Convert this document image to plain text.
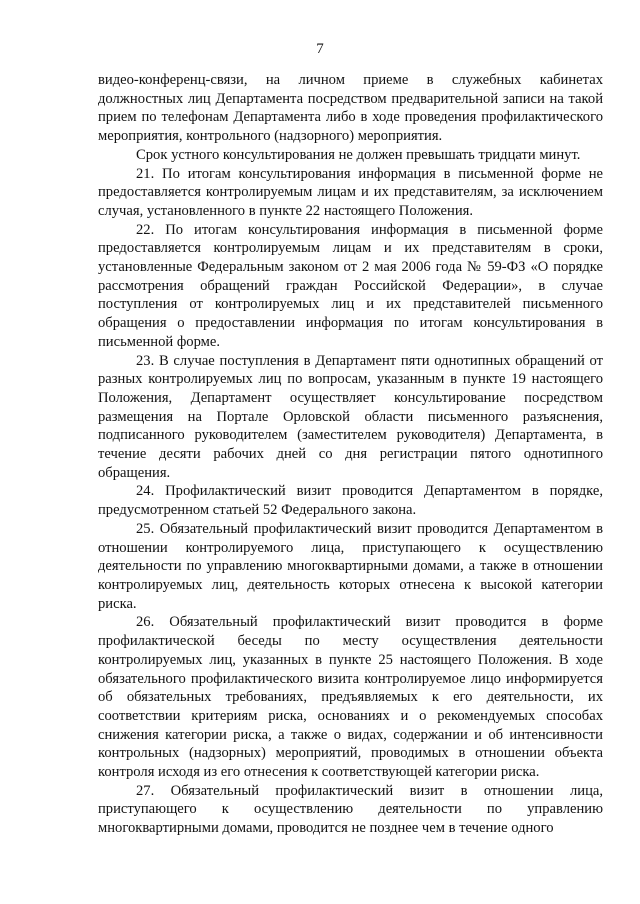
7

видео-конференц-связи, на личном приеме в служебных кабинетах должностных лиц Департамента посредством предварительной записи на такой прием по телефонам Департамента либо в ходе проведения профилактического мероприятия, контрольного (надзорного) мероприятия.

Срок устного консультирования не должен превышать тридцати минут.

21. По итогам консультирования информация в письменной форме не предоставляется контролируемым лицам и их представителям, за исключением случая, установленного в пункте 22 настоящего Положения.

22. По итогам консультирования информация в письменной форме предоставляется контролируемым лицам и их представителям в сроки, установленные Федеральным законом от 2 мая 2006 года № 59-ФЗ «О порядке рассмотрения обращений граждан Российской Федерации», в случае поступления от контролируемых лиц и их представителей письменного обращения о предоставлении информация по итогам консультирования в письменной форме.

23. В случае поступления в Департамент пяти однотипных обращений от разных контролируемых лиц по вопросам, указанным в пункте 19 настоящего Положения, Департамент осуществляет консультирование посредством размещения на Портале Орловской области письменного разъяснения, подписанного руководителем (заместителем руководителя) Департамента, в течение десяти рабочих дней со дня регистрации пятого однотипного обращения.

24. Профилактический визит проводится Департаментом в порядке, предусмотренном статьей 52 Федерального закона.

25. Обязательный профилактический визит проводится Департаментом в отношении контролируемого лица, приступающего к осуществлению деятельности по управлению многоквартирными домами, а также в отношении контролируемых лиц, деятельность которых отнесена к высокой категории риска.

26. Обязательный профилактический визит проводится в форме профилактической беседы по месту осуществления деятельности контролируемых лиц, указанных в пункте 25 настоящего Положения. В ходе обязательного профилактического визита контролируемое лицо информируется об обязательных требованиях, предъявляемых к его деятельности, их соответствии критериям риска, основаниях и о рекомендуемых способах снижения категории риска, а также о видах, содержании и об интенсивности контрольных (надзорных) мероприятий, проводимых в отношении объекта контроля исходя из его отнесения к соответствующей категории риска.

27. Обязательный профилактический визит в отношении лица, приступающего к осуществлению деятельности по управлению многоквартирными домами, проводится не позднее чем в течение одного
